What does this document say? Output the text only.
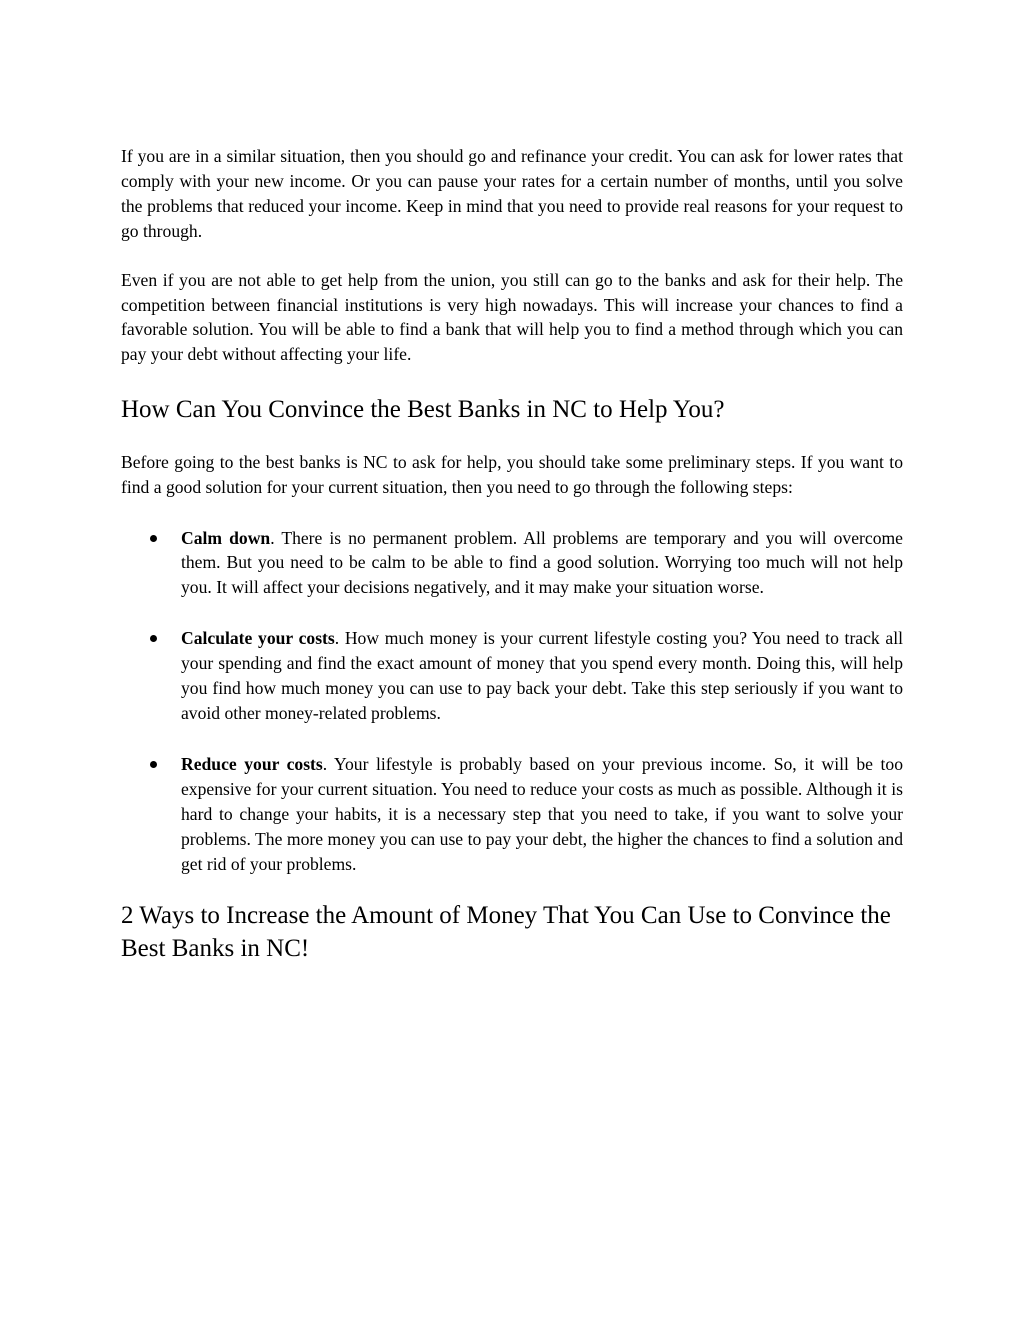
If you are in a similar situation, then you should go and refinance your credit. You can ask for lower rates that comply with your new income. Or you can pause your rates for a certain number of months, until you solve the problems that reduced your income. Keep in mind that you need to provide real reasons for your request to go through.

Even if you are not able to get help from the union, you still can go to the banks and ask for their help. The competition between financial institutions is very high nowadays. This will increase your chances to find a favorable solution. You will be able to find a bank that will help you to find a method through which you can pay your debt without affecting your life.

How Can You Convince the Best Banks in NC to Help You?

Before going to the best banks is NC to ask for help, you should take some preliminary steps. If you want to find a good solution for your current situation, then you need to go through the following steps:

Calm down. There is no permanent problem. All problems are temporary and you will overcome them. But you need to be calm to be able to find a good solution. Worrying too much will not help you. It will affect your decisions negatively, and it may make your situation worse.
Calculate your costs. How much money is your current lifestyle costing you? You need to track all your spending and find the exact amount of money that you spend every month. Doing this, will help you find how much money you can use to pay back your debt. Take this step seriously if you want to avoid other money-related problems.
Reduce your costs. Your lifestyle is probably based on your previous income. So, it will be too expensive for your current situation. You need to reduce your costs as much as possible. Although it is hard to change your habits, it is a necessary step that you need to take, if you want to solve your problems. The more money you can use to pay your debt, the higher the chances to find a solution and get rid of your problems.
2 Ways to Increase the Amount of Money That You Can Use to Convince the Best Banks in NC!
